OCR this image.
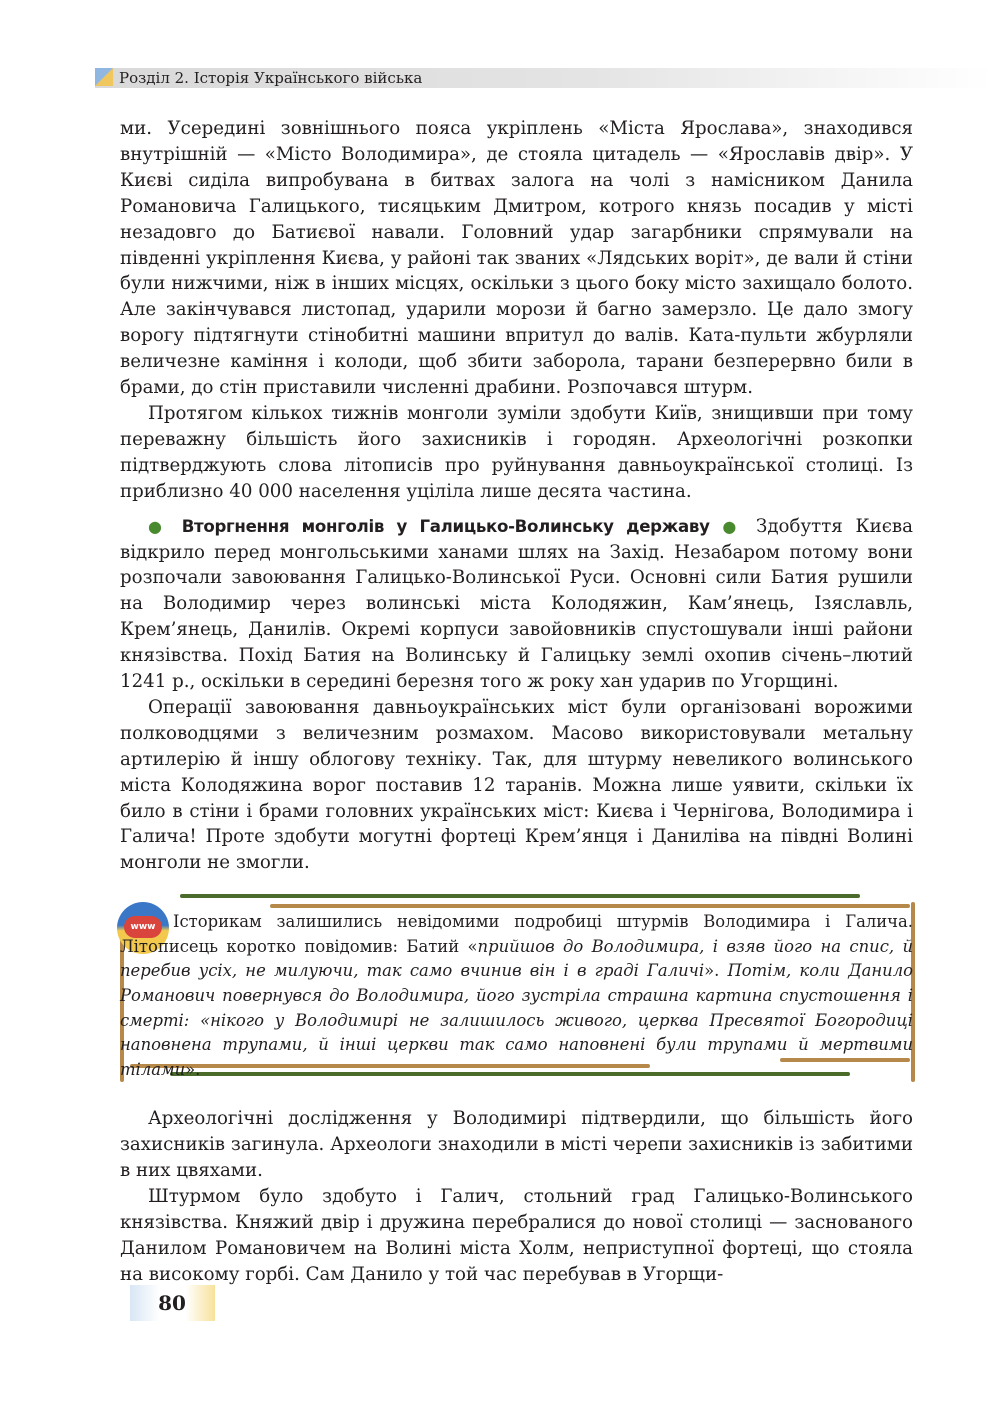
Розділ 2. Історія Українського війська

ми. Усередині зовнішнього пояса укріплень «Міста Ярослава», знаходився внутрішній — «Місто Володимира», де стояла цитадель — «Ярославів двір». У Києві сиділа випробувана в битвах залога на чолі з намісником Данила Романовича Галицького, тисяцьким Дмитром, котрого князь посадив у місті незадовго до Батиєвої навали. Головний удар загарбники спрямували на південні укріплення Києва, у районі так званих «Лядських воріт», де вали й стіни були нижчими, ніж в інших місцях, оскільки з цього боку місто захищало болото. Але закінчувався листопад, ударили морози й багно замерзло. Це дало змогу ворогу підтягнути стінобитні машини впритул до валів. Ката-пульти жбурляли величезне каміння і колоди, щоб збити заборола, тарани безперервно били в брами, до стін приставили численні драбини. Розпочався штурм.

Протягом кількох тижнів монголи зуміли здобути Київ, знищивши при тому переважну більшість його захисників і городян. Археологічні розкопки підтверджують слова літописів про руйнування давньоукраїнської столиці. Із приблизно 40 000 населення уціліла лише десята частина.

● Вторгнення монголів у Галицько-Волинську державу ● Здобуття Києва відкрило перед монгольськими ханами шлях на Захід. Незабаром потому вони розпочали завоювання Галицько-Волинської Руси. Основні сили Батия рушили на Володимир через волинські міста Колодяжин, Кам’янець, Ізяславль, Крем’янець, Данилів. Окремі корпуси завойовників спустошували інші райони князівства. Похід Батия на Волинську й Галицьку землі охопив січень–лютий 1241 р., оскільки в середині березня того ж року хан ударив по Угорщині.

Операції завоювання давньоукраїнських міст були організовані ворожими полководцями з величезним розмахом. Масово використовували метальну артилерію й іншу облогову техніку. Так, для штурму невеликого волинського міста Колодяжина ворог поставив 12 таранів. Можна лише уявити, скільки їх било в стіни і брами головних українських міст: Києва і Чернігова, Володимира і Галича! Проте здобути могутні фортеці Крем’янця і Даниліва на півдні Волині монголи не змогли.

www	Історикам залишились невідомими подробиці штурмів Володимира і Галича. Літописець коротко повідомив: Батий «прийшов до Володимира, і взяв його на спис, й перебив усіх, не милуючи, так само вчинив він і в граді Галичі». Потім, коли Данило Романович повернувся до Володимира, його зустріла страшна картина спустошення і смерті: «нікого у Володимирі не залишилось живого, церква Пресвятої Богородиці наповнена трупами, й інші церкви так само наповнені були трупами й мертвими тілами».

Археологічні дослідження у Володимирі підтвердили, що більшість його захисників загинула. Археологи знаходили в місті черепи захисників із забитими в них цвяхами.

Штурмом було здобуто і Галич, стольний град Галицько-Волинського князівства. Княжий двір і дружина перебралися до нової столиці — заснованого Данилом Романовичем на Волині міста Холм, неприступної фортеці, що стояла на високому горбі. Сам Данило у той час перебував в Угорщи-

80
